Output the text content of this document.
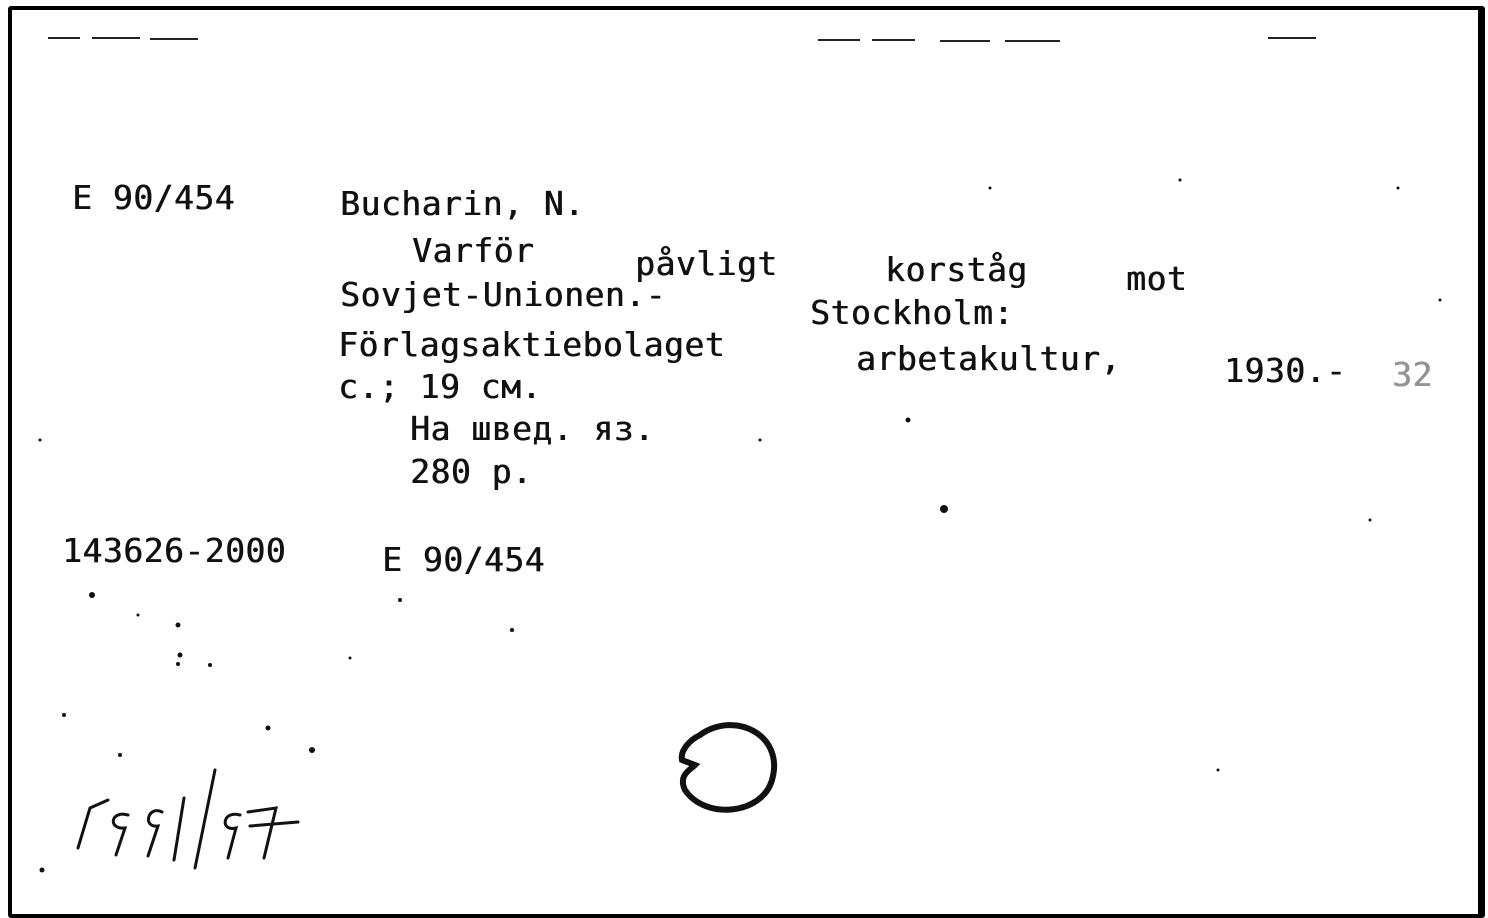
E 90/454	Bucharin, N.
Varför	påvligt	korståg	mot
Sovjet-Unionen.-	Stockholm:
Förlagsaktiebolaget	arbetakultur,	1930.- 32
c.; 19 см.
На швед. яз.
280 р.
143626-2000	E 90/454
